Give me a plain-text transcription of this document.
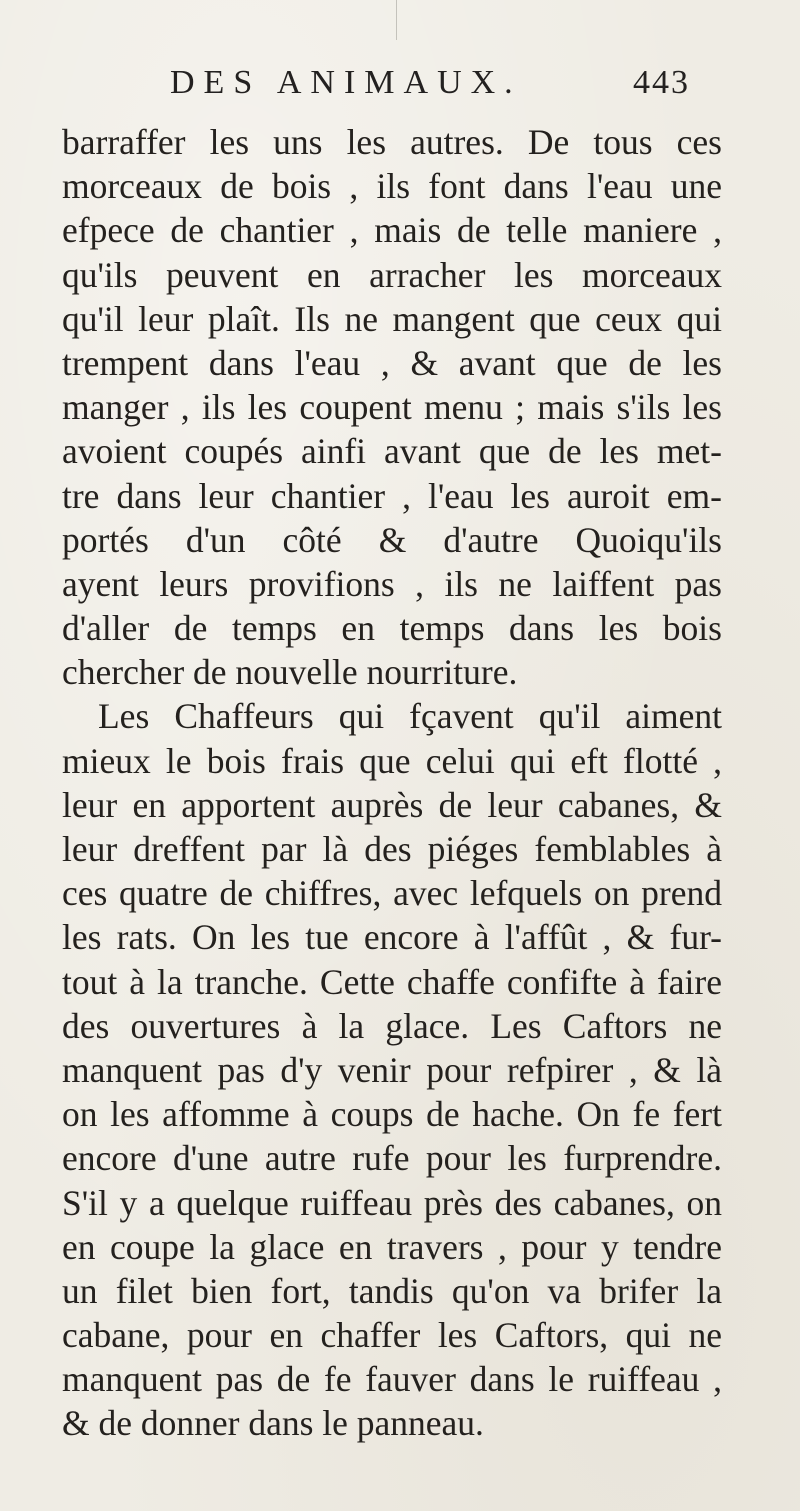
DES ANIMAUX.	443
barraffer les uns les autres. De tous ces
morceaux de bois , ils font dans l'eau une
efpece de chantier , mais de telle maniere ,
qu'ils peuvent en arracher les morceaux
qu'il leur plaît. Ils ne mangent que ceux qui
trempent dans l'eau , & avant que de les
manger , ils les coupent menu ; mais s'ils les
avoient coupés ainfi avant que de les met-
tre dans leur chantier , l'eau les auroit em-
portés d'un côté & d'autre Quoiqu'ils
ayent leurs provifions , ils ne laiffent pas
d'aller de temps en temps dans les bois
chercher de nouvelle nourriture.
Les Chaffeurs qui fçavent qu'il aiment
mieux le bois frais que celui qui eft flotté ,
leur en apportent auprès de leur cabanes, &
leur dreffent par là des piéges femblables à
ces quatre de chiffres, avec lefquels on prend
les rats. On les tue encore à l'affût , & fur-
tout à la tranche. Cette chaffe confifte à faire
des ouvertures à la glace. Les Caftors ne
manquent pas d'y venir pour refpirer , & là
on les affomme à coups de hache. On fe fert
encore d'une autre rufe pour les furprendre.
S'il y a quelque ruiffeau près des cabanes, on
en coupe la glace en travers , pour y tendre
un filet bien fort, tandis qu'on va brifer la
cabane, pour en chaffer les Caftors, qui ne
manquent pas de fe fauver dans le ruiffeau ,
& de donner dans le panneau.
